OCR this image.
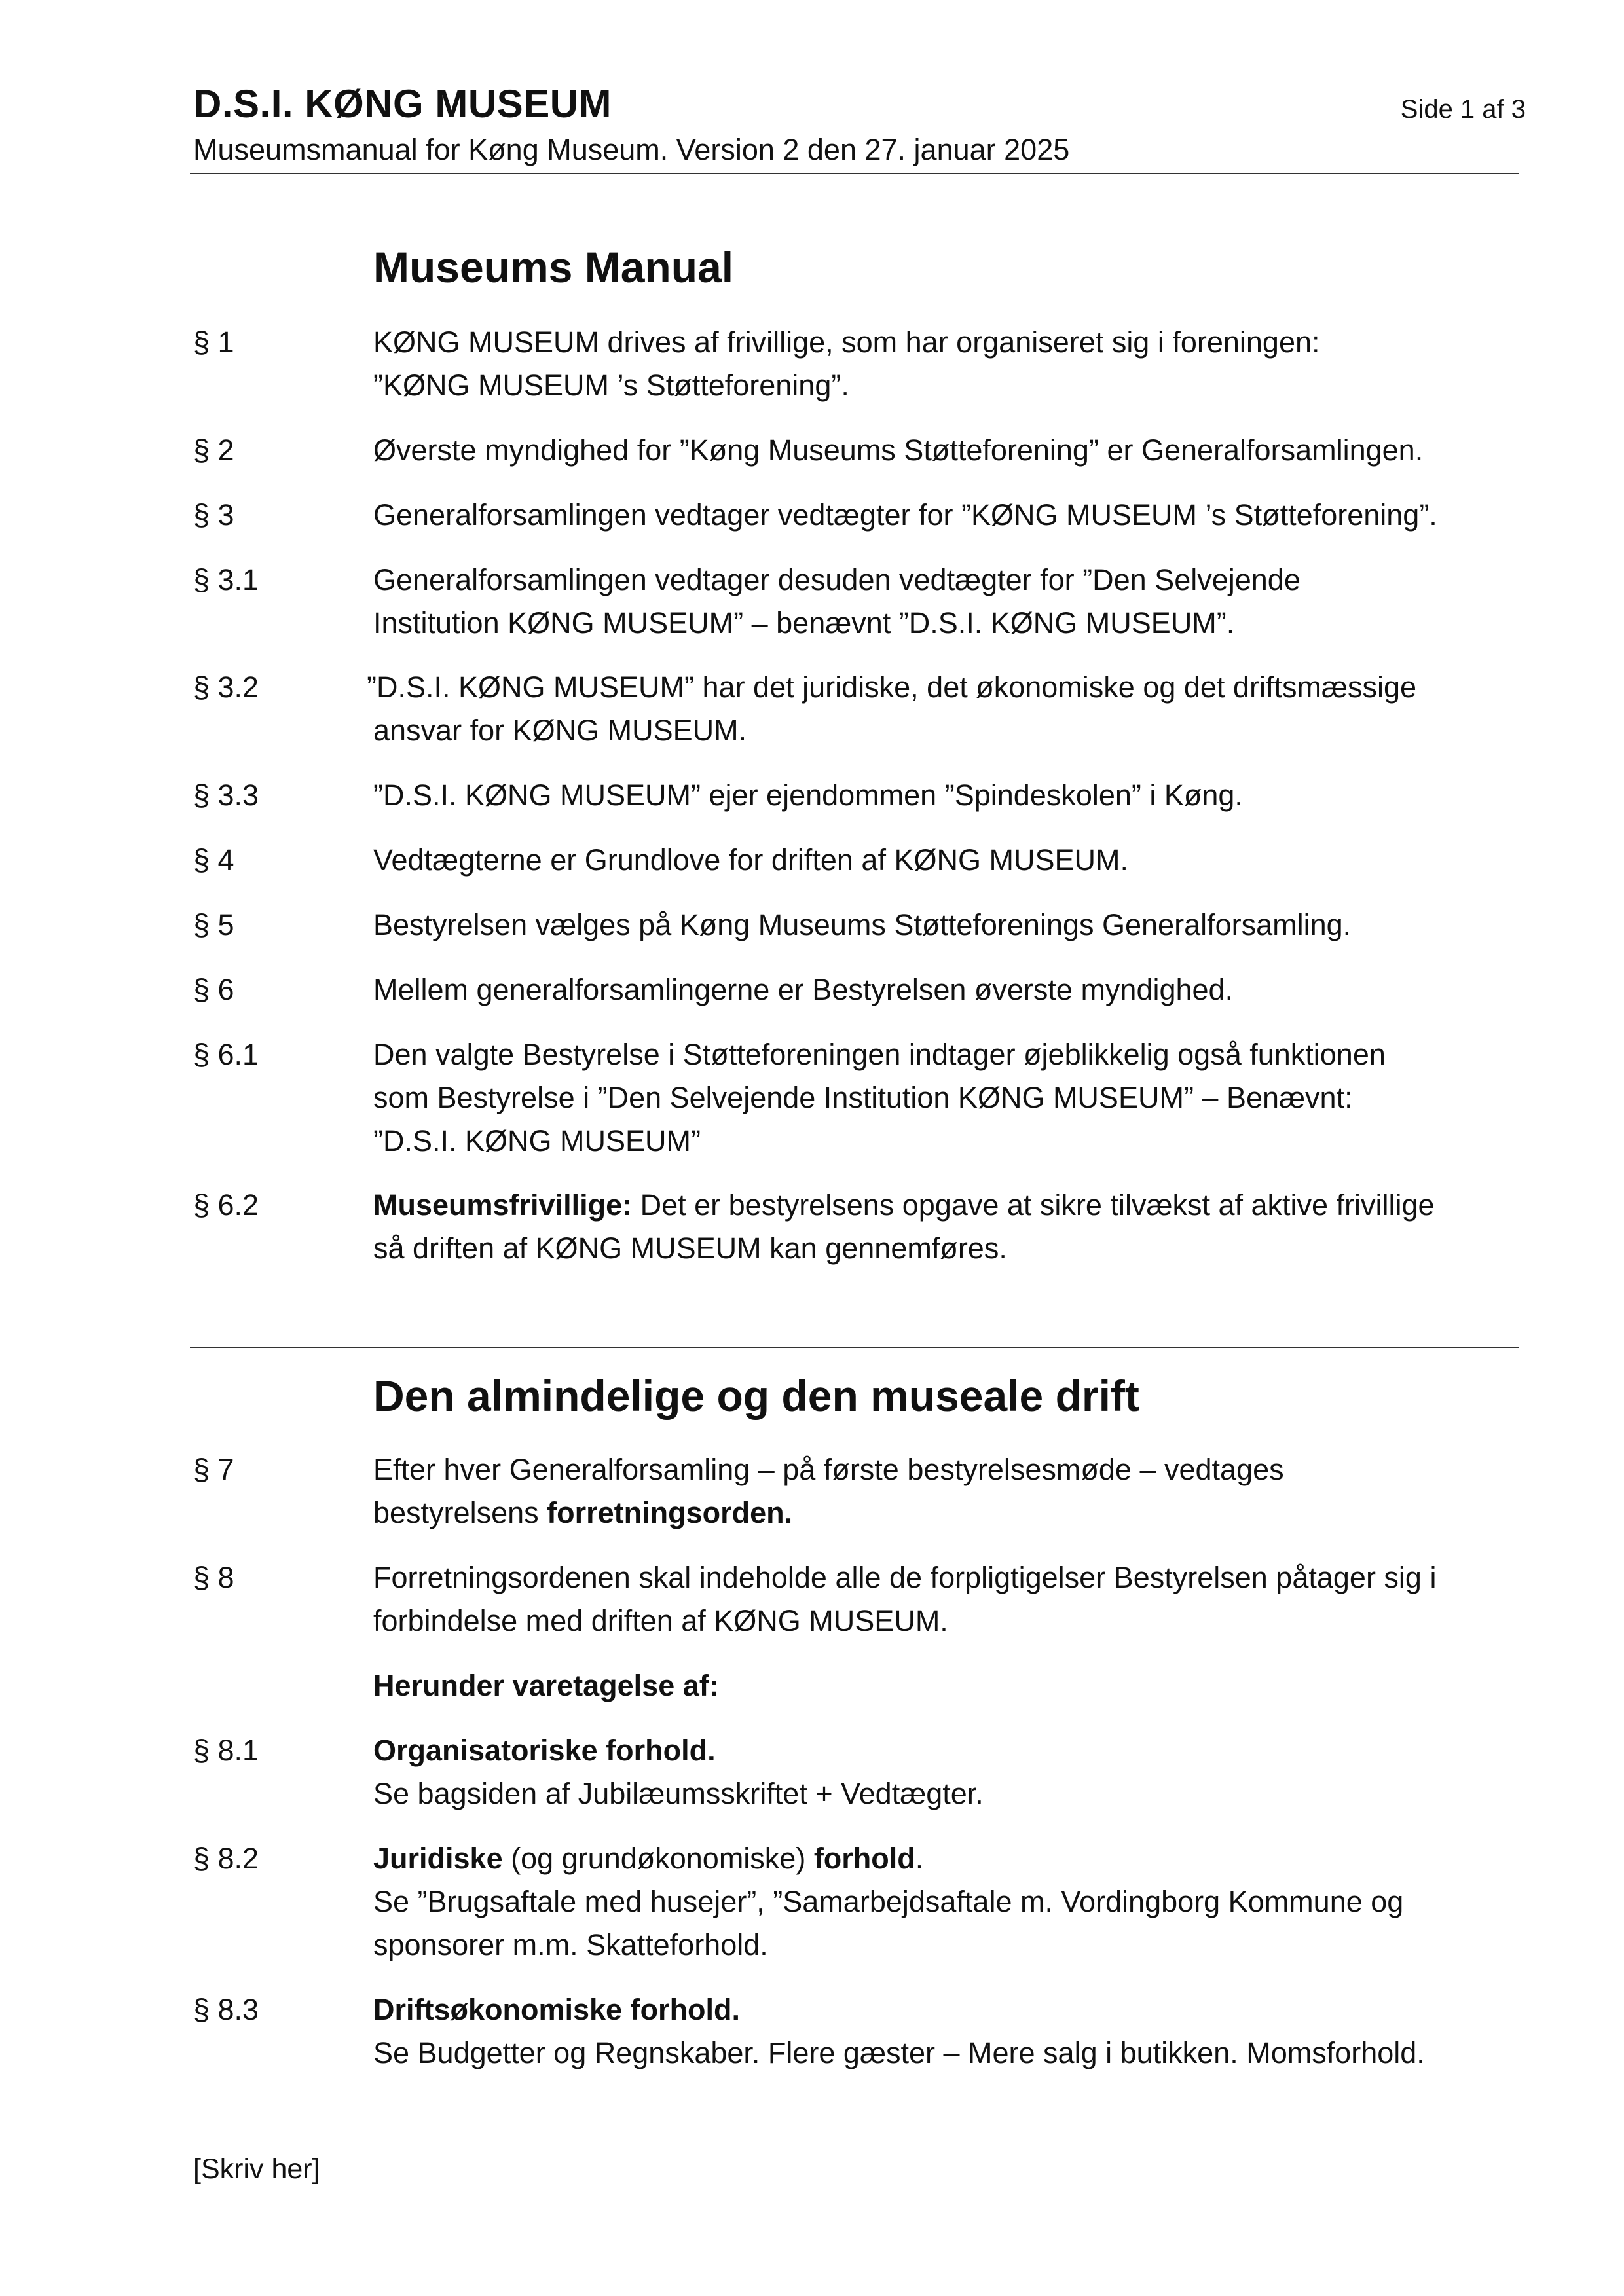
D.S.I. KØNG MUSEUM	Side 1 af 3
Museumsmanual for Køng Museum. Version 2 den 27. januar 2025
Museums Manual
§ 1	KØNG MUSEUM drives af frivillige, som har organiseret sig i foreningen:
”KØNG MUSEUM ’s Støtteforening”.
§ 2	Øverste myndighed for ”Køng Museums Støtteforening” er Generalforsamlingen.
§ 3	Generalforsamlingen vedtager vedtægter for ”KØNG MUSEUM ’s Støtteforening”.
§ 3.1	Generalforsamlingen vedtager desuden vedtægter for ”Den Selvejende
Institution KØNG MUSEUM” – benævnt ”D.S.I. KØNG MUSEUM”.
§ 3.2	”D.S.I. KØNG MUSEUM” har det juridiske, det økonomiske og det driftsmæssige
ansvar for KØNG MUSEUM.
§ 3.3	”D.S.I. KØNG MUSEUM” ejer ejendommen ”Spindeskolen” i Køng.
§ 4	Vedtægterne er Grundlove for driften af KØNG MUSEUM.
§ 5	Bestyrelsen vælges på Køng Museums Støtteforenings Generalforsamling.
§ 6	Mellem generalforsamlingerne er Bestyrelsen øverste myndighed.
§ 6.1	Den valgte Bestyrelse i Støtteforeningen indtager øjeblikkelig også funktionen
som Bestyrelse i ”Den Selvejende Institution KØNG MUSEUM” – Benævnt:
”D.S.I. KØNG MUSEUM”
§ 6.2	Museumsfrivillige: Det er bestyrelsens opgave at sikre tilvækst af aktive frivillige
så driften af KØNG MUSEUM kan gennemføres.
Den almindelige og den museale drift
§ 7	Efter hver Generalforsamling – på første bestyrelsesmøde – vedtages
bestyrelsens forretningsorden.
§ 8	Forretningsordenen skal indeholde alle de forpligtigelser Bestyrelsen påtager sig i
forbindelse med driften af KØNG MUSEUM.
Herunder varetagelse af:
§ 8.1	Organisatoriske forhold.
Se bagsiden af Jubilæumsskriftet + Vedtægter.
§ 8.2	Juridiske (og grundøkonomiske) forhold.
Se ”Brugsaftale med husejer”, ”Samarbejdsaftale m. Vordingborg Kommune og
sponsorer m.m. Skatteforhold.
§ 8.3	Driftsøkonomiske forhold.
Se Budgetter og Regnskaber. Flere gæster – Mere salg i butikken. Momsforhold.
[Skriv her]
